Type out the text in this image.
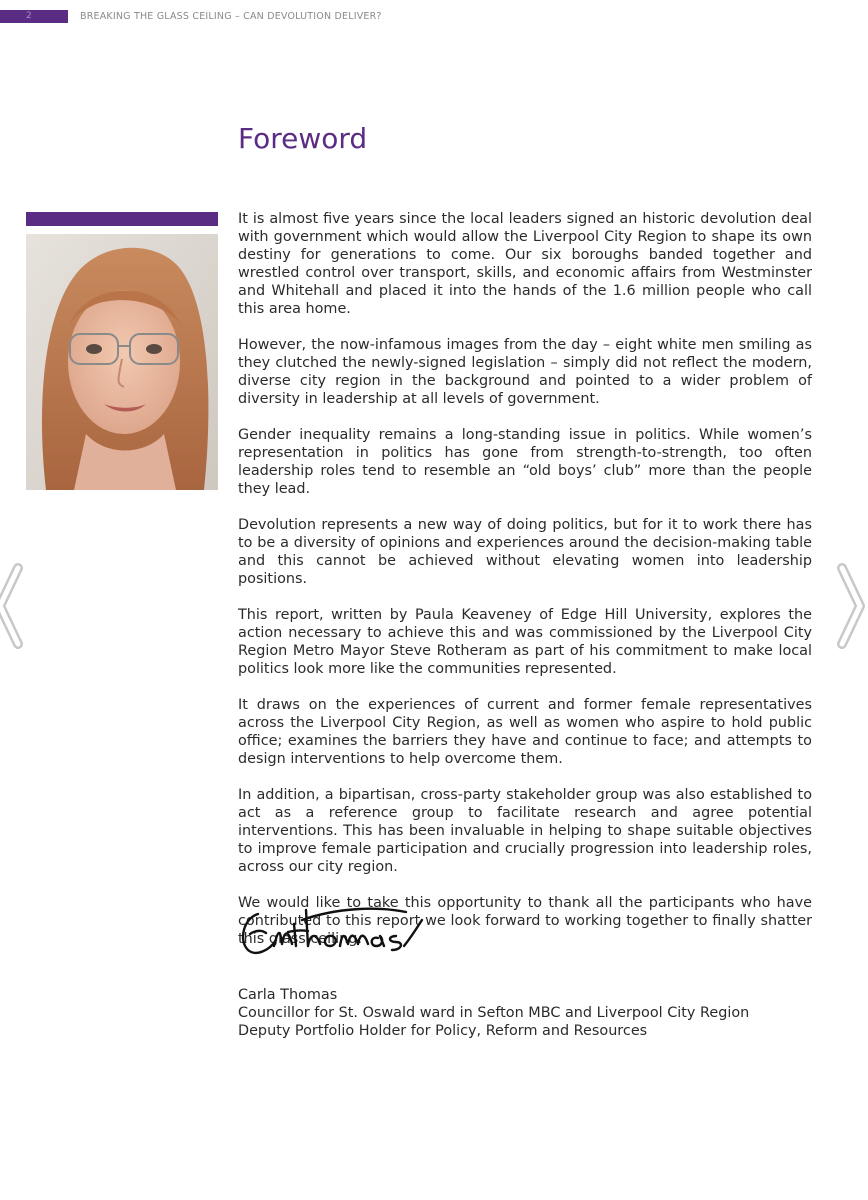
2	BREAKING THE GLASS CEILING – CAN DEVOLUTION DELIVER?
Foreword

It is almost five years since the local leaders signed an historic devolution deal with government which would allow the Liverpool City Region to shape its own destiny for generations to come. Our six boroughs banded together and wrestled control over transport, skills, and economic affairs from Westminster and Whitehall and placed it into the hands of the 1.6 million people who call this area home.

However, the now-infamous images from the day – eight white men smiling as they clutched the newly-signed legislation – simply did not reflect the modern, diverse city region in the background and pointed to a wider problem of diversity in leadership at all levels of government.

Gender inequality remains a long-standing issue in politics. While women’s representation in politics has gone from strength-to-strength, too often leadership roles tend to resemble an “old boys’ club” more than the people they lead.

Devolution represents a new way of doing politics, but for it to work there has to be a diversity of opinions and experiences around the decision-making table and this cannot be achieved without elevating women into leadership positions.

This report, written by Paula Keaveney of Edge Hill University, explores the action necessary to achieve this and was commissioned by the Liverpool City Region Metro Mayor Steve Rotheram as part of his commitment to make local politics look more like the communities represented.

It draws on the experiences of current and former female representatives across the Liverpool City Region, as well as women who aspire to hold public office; examines the barriers they have and continue to face; and attempts to design interventions to help overcome them.

In addition, a bipartisan, cross-party stakeholder group was also established to act as a reference group to facilitate research and agree potential interventions. This has been invaluable in helping to shape suitable objectives to improve female participation and crucially progression into leadership roles, across our city region.

We would like to take this opportunity to thank all the participants who have contributed to this report we look forward to working together to finally shatter this glass ceiling.

Carla Thomas
Councillor for St. Oswald ward in Sefton MBC and Liverpool City Region
Deputy Portfolio Holder for Policy, Reform and Resources
